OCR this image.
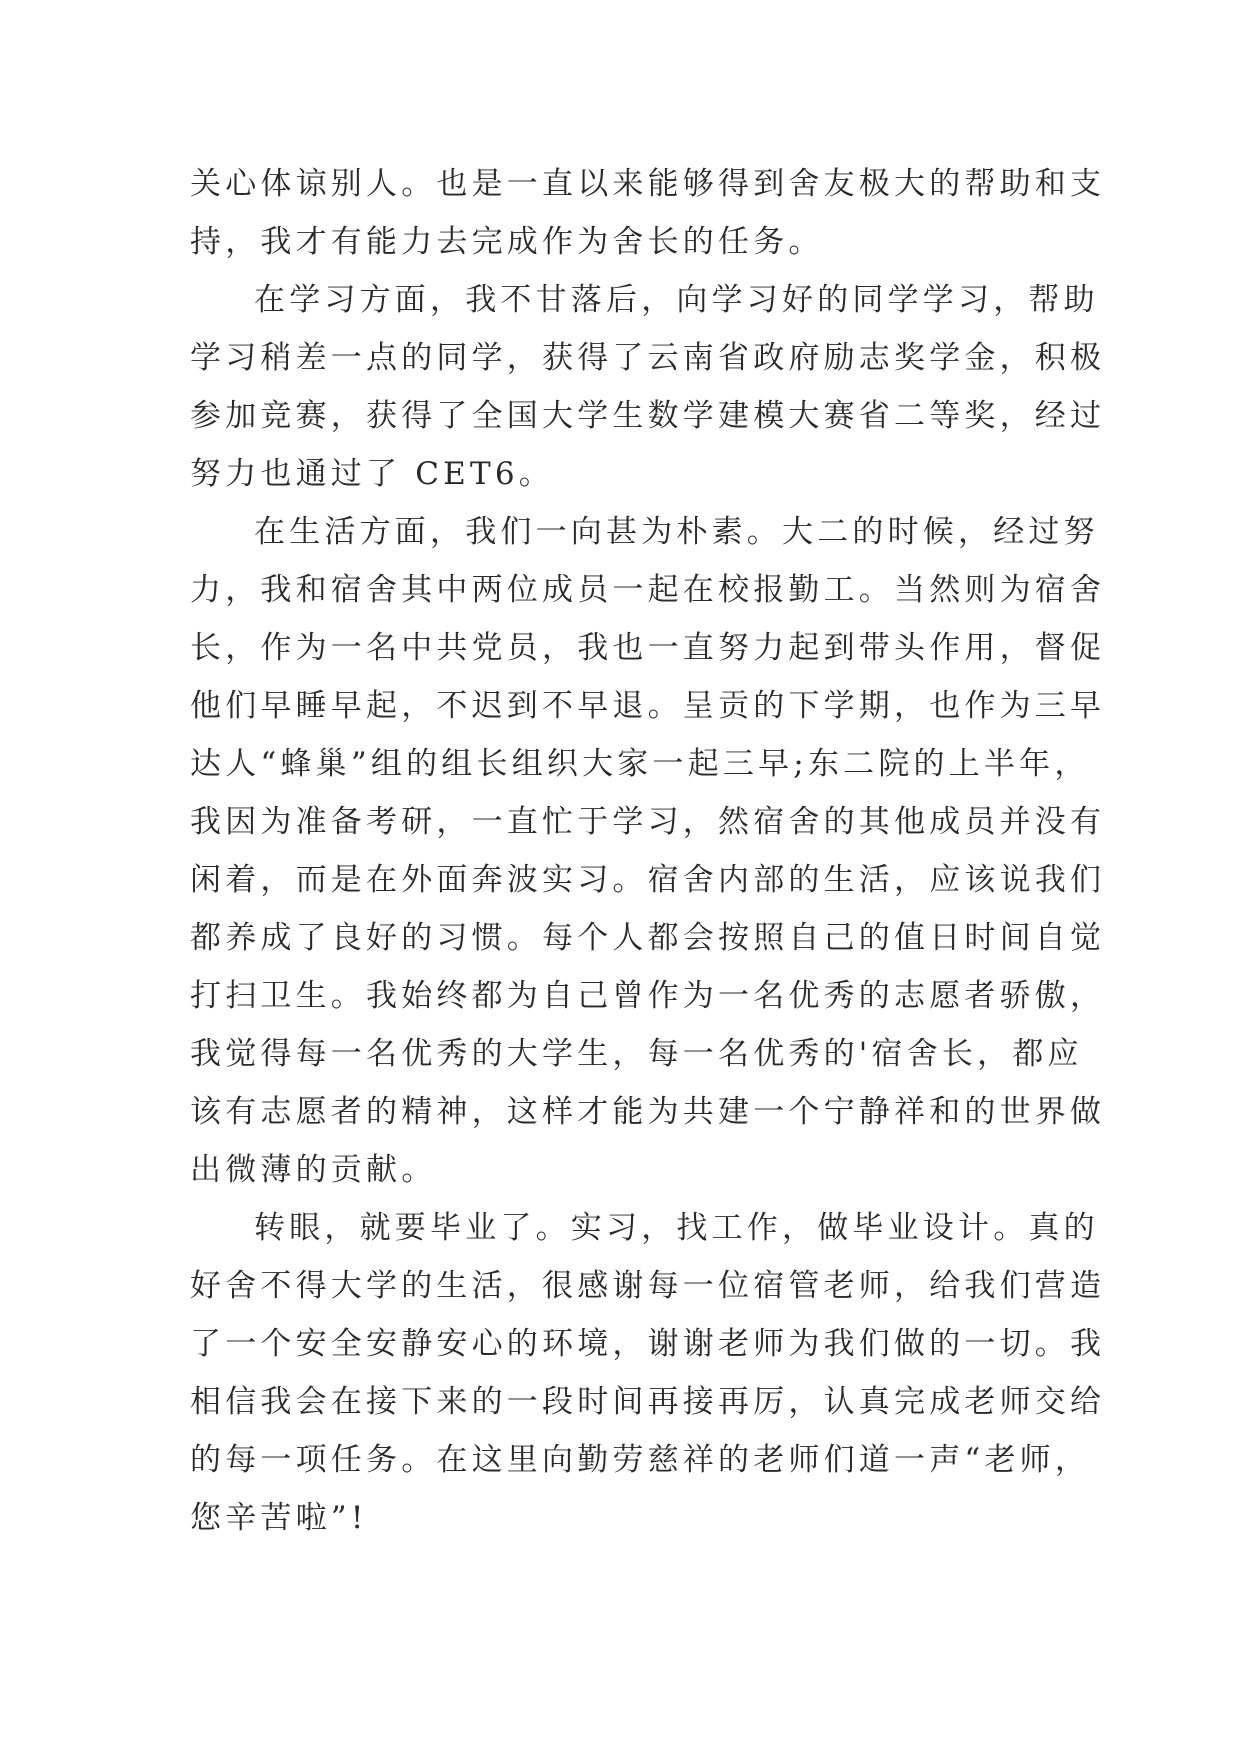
关心体谅别人。也是一直以来能够得到舍友极大的帮助和支
持，我才有能力去完成作为舍长的任务。
在学习方面，我不甘落后，向学习好的同学学习，帮助
学习稍差一点的同学，获得了云南省政府励志奖学金，积极
参加竞赛，获得了全国大学生数学建模大赛省二等奖，经过
努力也通过了 CET6。
在生活方面，我们一向甚为朴素。大二的时候，经过努
力，我和宿舍其中两位成员一起在校报勤工。当然则为宿舍
长，作为一名中共党员，我也一直努力起到带头作用，督促
他们早睡早起，不迟到不早退。呈贡的下学期，也作为三早
达人“蜂巢”组的组长组织大家一起三早;东二院的上半年，
我因为准备考研，一直忙于学习，然宿舍的其他成员并没有
闲着，而是在外面奔波实习。宿舍内部的生活，应该说我们
都养成了良好的习惯。每个人都会按照自己的值日时间自觉
打扫卫生。我始终都为自己曾作为一名优秀的志愿者骄傲，
我觉得每一名优秀的大学生，每一名优秀的'宿舍长，都应
该有志愿者的精神，这样才能为共建一个宁静祥和的世界做
出微薄的贡献。
转眼，就要毕业了。实习，找工作，做毕业设计。真的
好舍不得大学的生活，很感谢每一位宿管老师，给我们营造
了一个安全安静安心的环境，谢谢老师为我们做的一切。我
相信我会在接下来的一段时间再接再厉，认真完成老师交给
的每一项任务。在这里向勤劳慈祥的老师们道一声“老师，
您辛苦啦”!
